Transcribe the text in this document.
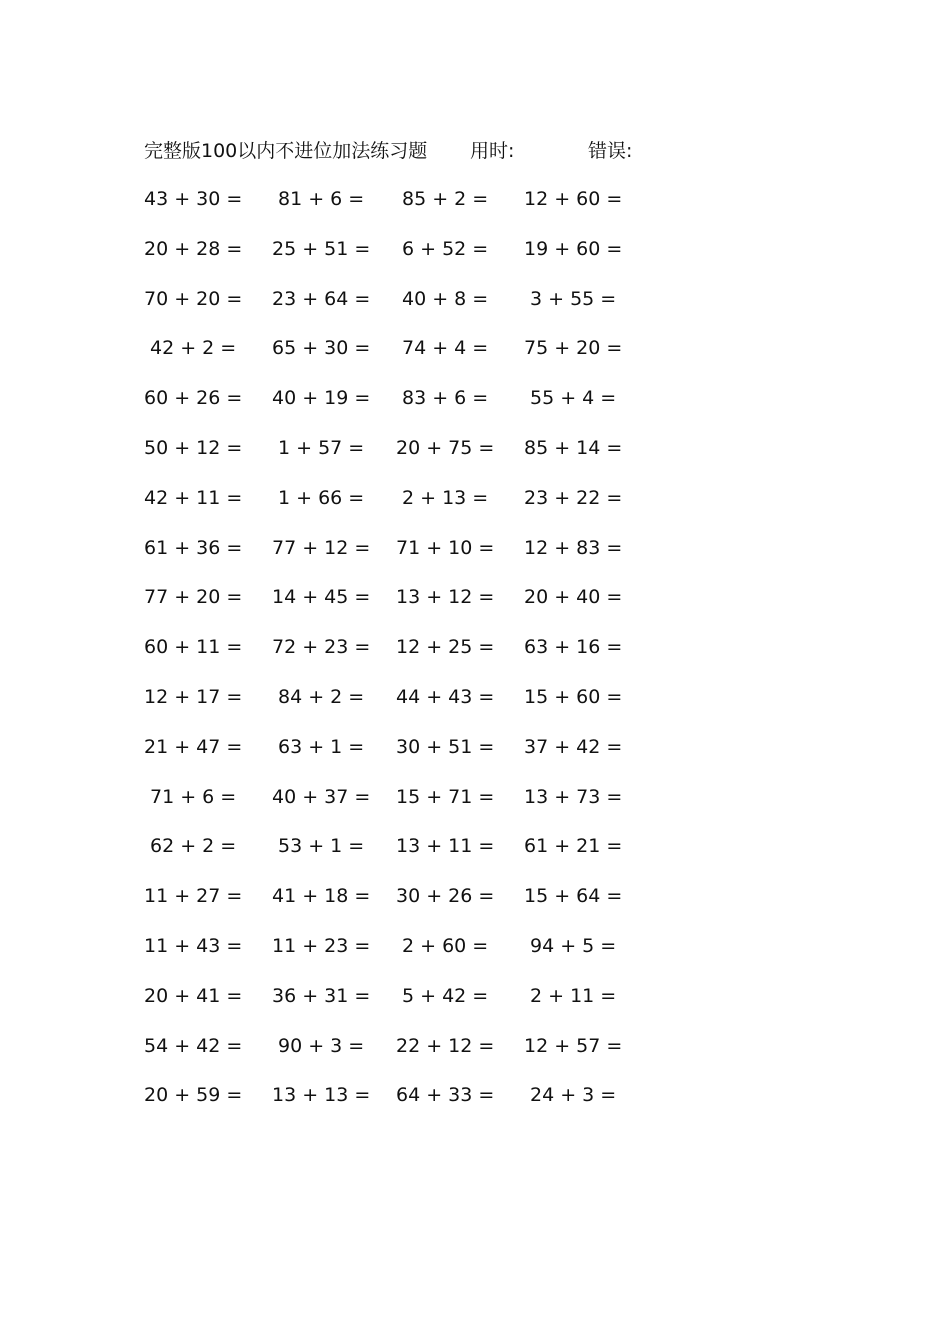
完整版100以内不进位加法练习题 用时:	错误:
43 + 30 = 81 + 6 = 85 + 2 = 12 + 60 =
20 + 28 = 25 + 51 = 6 + 52 = 19 + 60 =
70 + 20 = 23 + 64 = 40 + 8 = 3 + 55 =
42 + 2 = 65 + 30 = 74 + 4 = 75 + 20 =
60 + 26 = 40 + 19 = 83 + 6 = 55 + 4 =
50 + 12 = 1 + 57 = 20 + 75 = 85 + 14 =
42 + 11 = 1 + 66 = 2 + 13 = 23 + 22 =
61 + 36 = 77 + 12 = 71 + 10 = 12 + 83 =
77 + 20 = 14 + 45 = 13 + 12 = 20 + 40 =
60 + 11 = 72 + 23 = 12 + 25 = 63 + 16 =
12 + 17 = 84 + 2 = 44 + 43 = 15 + 60 =
21 + 47 = 63 + 1 = 30 + 51 = 37 + 42 =
71 + 6 = 40 + 37 = 15 + 71 = 13 + 73 =
62 + 2 = 53 + 1 = 13 + 11 = 61 + 21 =
11 + 27 = 41 + 18 = 30 + 26 = 15 + 64 =
11 + 43 = 11 + 23 = 2 + 60 = 94 + 5 =
20 + 41 = 36 + 31 = 5 + 42 = 2 + 11 =
54 + 42 = 90 + 3 = 22 + 12 = 12 + 57 =
20 + 59 = 13 + 13 = 64 + 33 = 24 + 3 =
